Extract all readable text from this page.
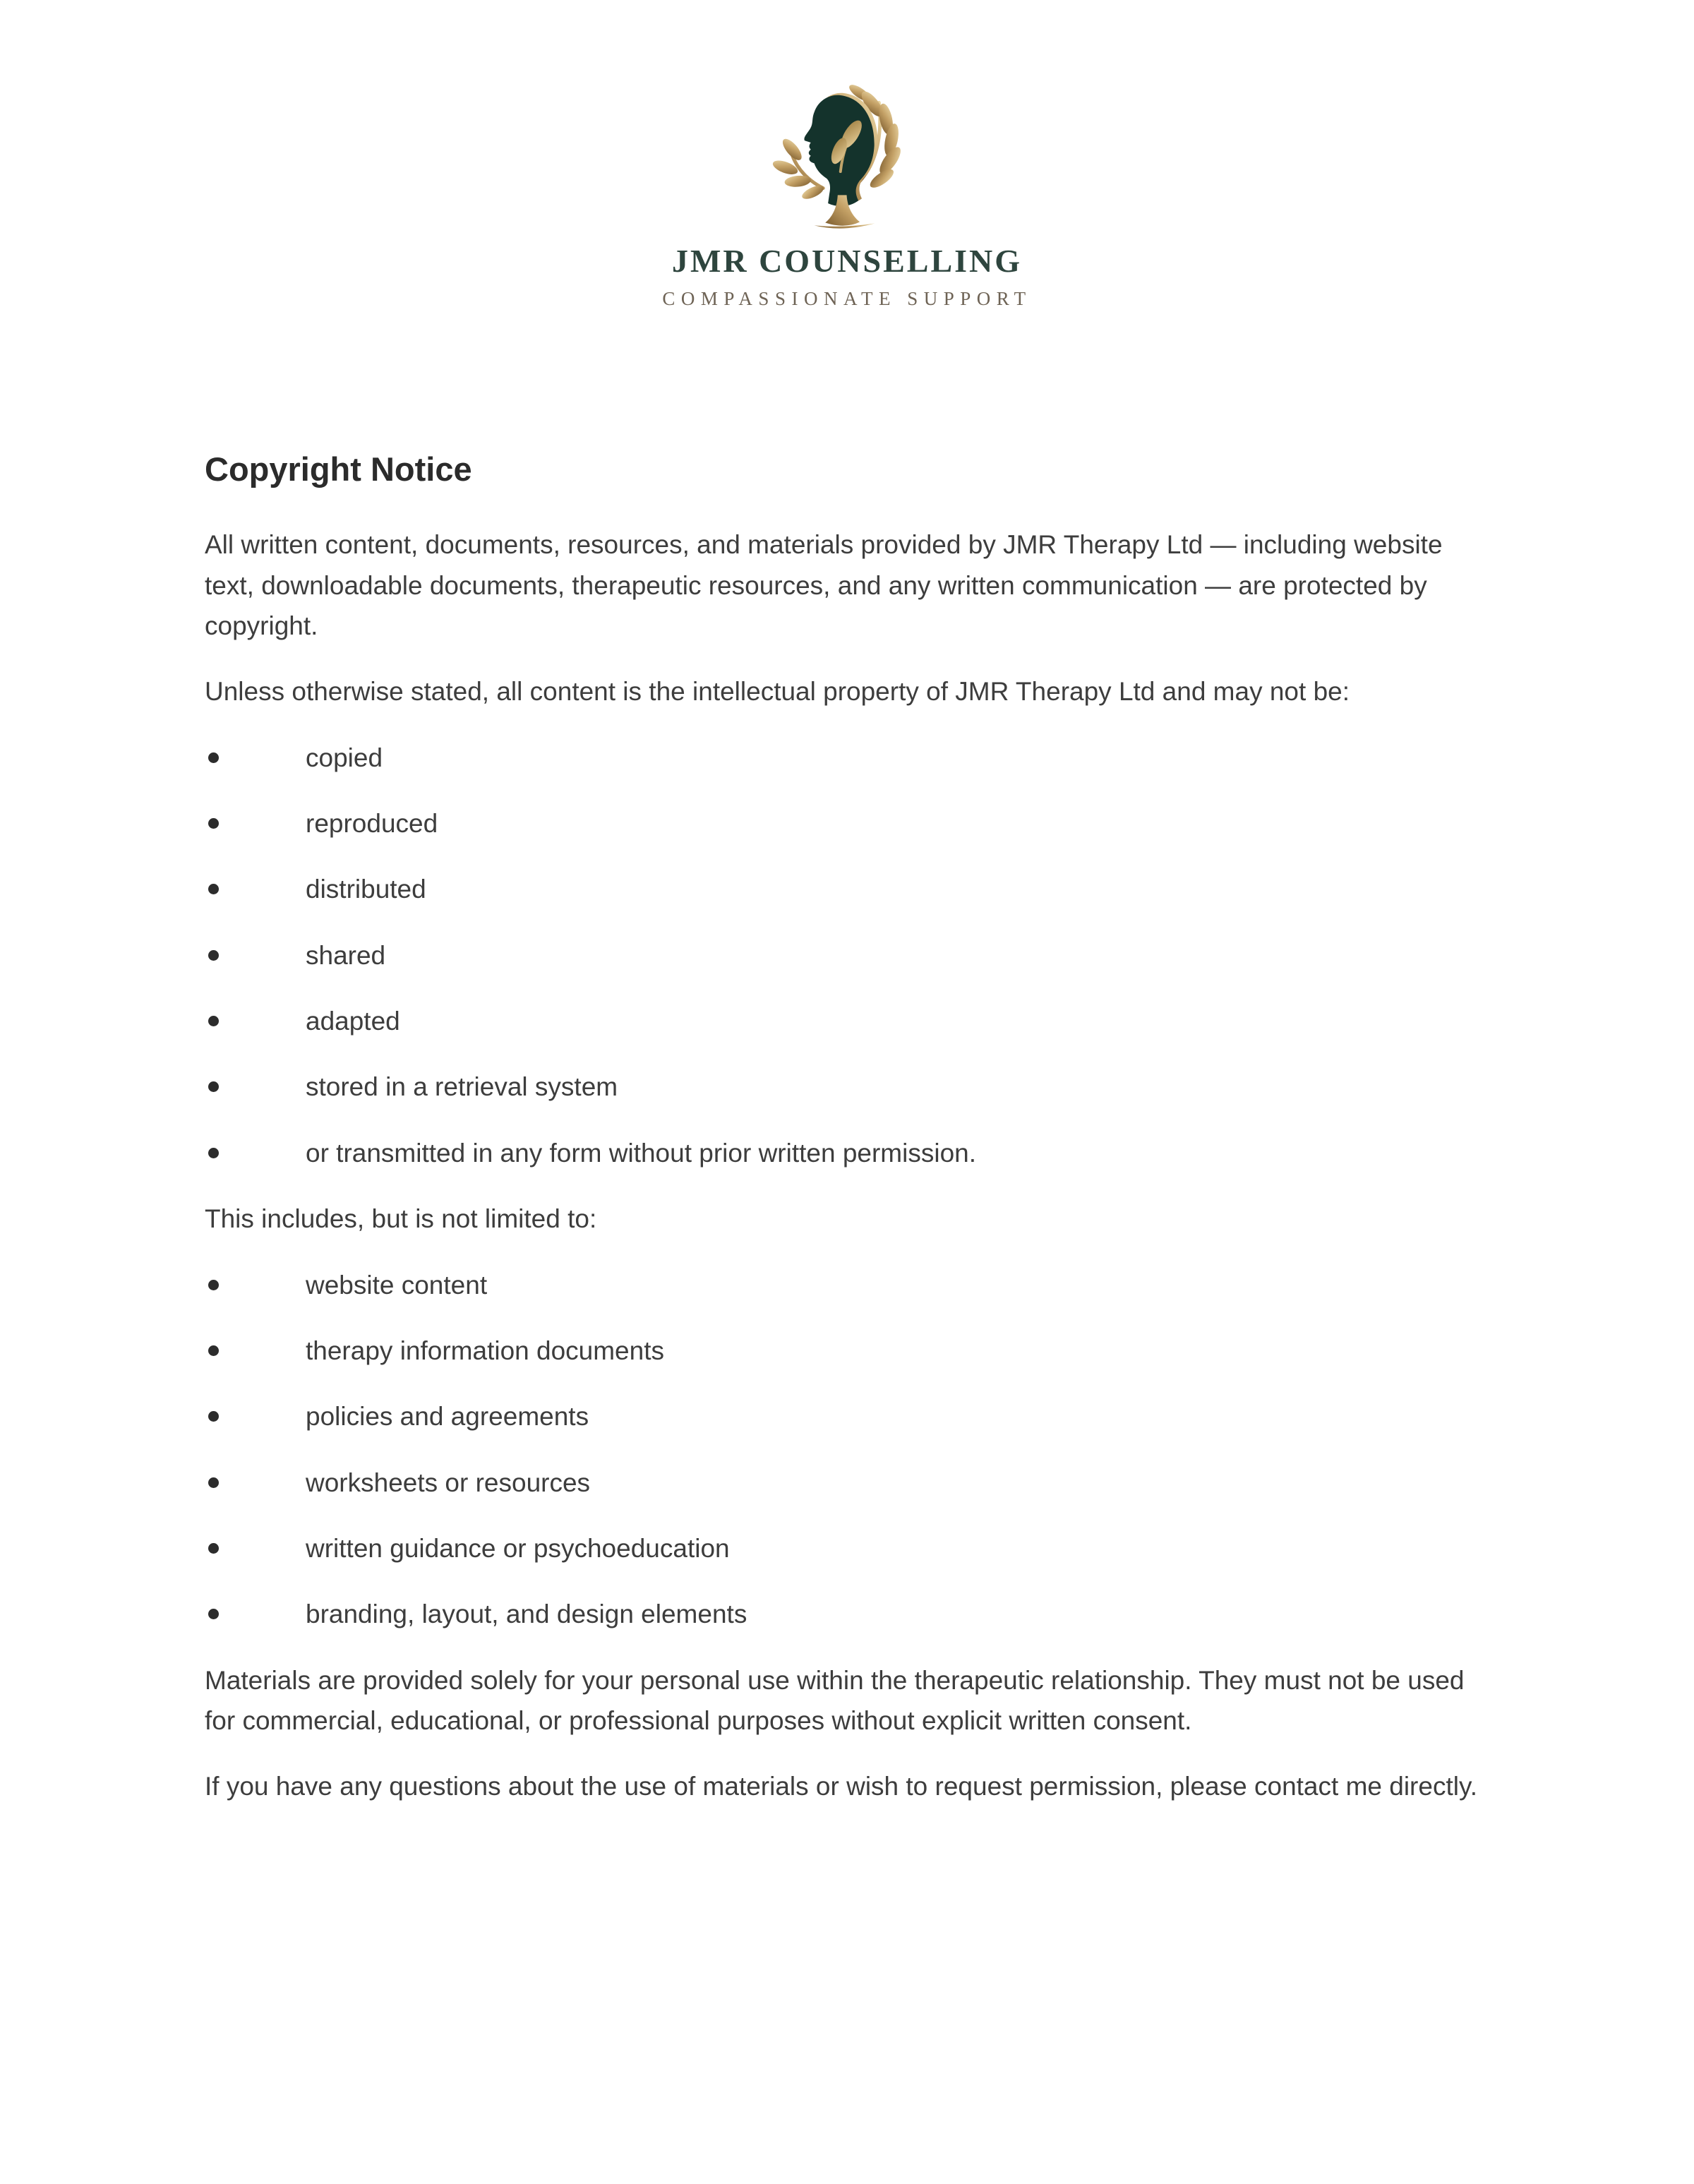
JMR COUNSELLING
COMPASSIONATE SUPPORT
Copyright Notice

All written content, documents, resources, and materials provided by JMR Therapy Ltd — including website text, downloadable documents, therapeutic resources, and any written communication — are protected by copyright.

Unless otherwise stated, all content is the intellectual property of JMR Therapy Ltd and may not be:

copied
reproduced
distributed
shared
adapted
stored in a retrieval system
or transmitted in any form without prior written permission.

This includes, but is not limited to:

website content
therapy information documents
policies and agreements
worksheets or resources
written guidance or psychoeducation
branding, layout, and design elements

Materials are provided solely for your personal use within the therapeutic relationship. They must not be used for commercial, educational, or professional purposes without explicit written consent.

If you have any questions about the use of materials or wish to request permission, please contact me directly.
